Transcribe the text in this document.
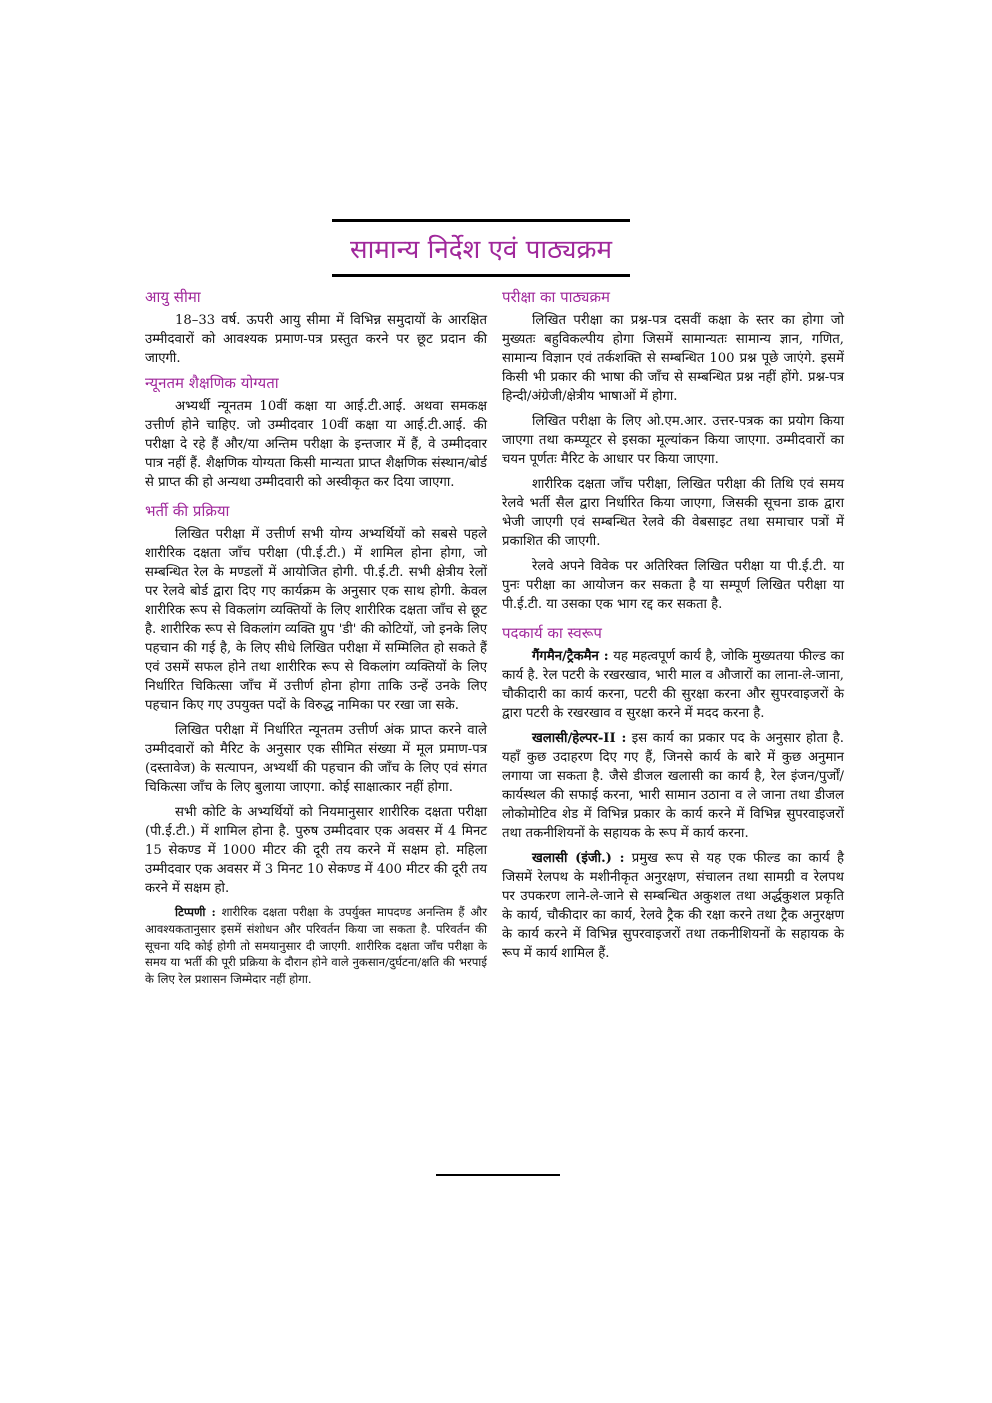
सामान्य निर्देश एवं पाठ्यक्रम
आयु सीमा

18–33 वर्ष. ऊपरी आयु सीमा में विभिन्न समुदायों के आरक्षित उम्मीदवारों को आवश्यक प्रमाण-पत्र प्रस्तुत करने पर छूट प्रदान की जाएगी.

न्यूनतम शैक्षणिक योग्यता

अभ्यर्थी न्यूनतम 10वीं कक्षा या आई.टी.आई. अथवा समकक्ष उत्तीर्ण होने चाहिए. जो उम्मीदवार 10वीं कक्षा या आई.टी.आई. की परीक्षा दे रहे हैं और/या अन्तिम परीक्षा के इन्तजार में हैं, वे उम्मीदवार पात्र नहीं हैं. शैक्षणिक योग्यता किसी मान्यता प्राप्त शैक्षणिक संस्थान/बोर्ड से प्राप्त की हो अन्यथा उम्मीदवारी को अस्वीकृत कर दिया जाएगा.

भर्ती की प्रक्रिया

लिखित परीक्षा में उत्तीर्ण सभी योग्य अभ्यर्थियों को सबसे पहले शारीरिक दक्षता जाँच परीक्षा (पी.ई.टी.) में शामिल होना होगा, जो सम्बन्धित रेल के मण्डलों में आयोजित होगी. पी.ई.टी. सभी क्षेत्रीय रेलों पर रेलवे बोर्ड द्वारा दिए गए कार्यक्रम के अनुसार एक साथ होगी. केवल शारीरिक रूप से विकलांग व्यक्तियों के लिए शारीरिक दक्षता जाँच से छूट है. शारीरिक रूप से विकलांग व्यक्ति ग्रुप 'डी' की कोटियों, जो इनके लिए पहचान की गई है, के लिए सीधे लिखित परीक्षा में सम्मिलित हो सकते हैं एवं उसमें सफल होने तथा शारीरिक रूप से विकलांग व्यक्तियों के लिए निर्धारित चिकित्सा जाँच में उत्तीर्ण होना होगा ताकि उन्हें उनके लिए पहचान किए गए उपयुक्त पदों के विरुद्ध नामिका पर रखा जा सके.

लिखित परीक्षा में निर्धारित न्यूनतम उत्तीर्ण अंक प्राप्त करने वाले उम्मीदवारों को मैरिट के अनुसार एक सीमित संख्या में मूल प्रमाण-पत्र (दस्तावेज) के सत्यापन, अभ्यर्थी की पहचान की जाँच के लिए एवं संगत चिकित्सा जाँच के लिए बुलाया जाएगा. कोई साक्षात्कार नहीं होगा.

सभी कोटि के अभ्यर्थियों को नियमानुसार शारीरिक दक्षता परीक्षा (पी.ई.टी.) में शामिल होना है. पुरुष उम्मीदवार एक अवसर में 4 मिनट 15 सेकण्ड में 1000 मीटर की दूरी तय करने में सक्षम हो. महिला उम्मीदवार एक अवसर में 3 मिनट 10 सेकण्ड में 400 मीटर की दूरी तय करने में सक्षम हो.

टिप्पणी : शारीरिक दक्षता परीक्षा के उपर्युक्त मापदण्ड अनन्तिम हैं और आवश्यकतानुसार इसमें संशोधन और परिवर्तन किया जा सकता है. परिवर्तन की सूचना यदि कोई होगी तो समयानुसार दी जाएगी. शारीरिक दक्षता जाँच परीक्षा के समय या भर्ती की पूरी प्रक्रिया के दौरान होने वाले नुकसान/दुर्घटना/क्षति की भरपाई के लिए रेल प्रशासन जिम्मेदार नहीं होगा.

परीक्षा का पाठ्यक्रम

लिखित परीक्षा का प्रश्न-पत्र दसवीं कक्षा के स्तर का होगा जो मुख्यतः बहुविकल्पीय होगा जिसमें सामान्यतः सामान्य ज्ञान, गणित, सामान्य विज्ञान एवं तर्कशक्ति से सम्बन्धित 100 प्रश्न पूछे जाएंगे. इसमें किसी भी प्रकार की भाषा की जाँच से सम्बन्धित प्रश्न नहीं होंगे. प्रश्न-पत्र हिन्दी/अंग्रेजी/क्षेत्रीय भाषाओं में होगा.

लिखित परीक्षा के लिए ओ.एम.आर. उत्तर-पत्रक का प्रयोग किया जाएगा तथा कम्प्यूटर से इसका मूल्यांकन किया जाएगा. उम्मीदवारों का चयन पूर्णतः मैरिट के आधार पर किया जाएगा.

शारीरिक दक्षता जाँच परीक्षा, लिखित परीक्षा की तिथि एवं समय रेलवे भर्ती सैल द्वारा निर्धारित किया जाएगा, जिसकी सूचना डाक द्वारा भेजी जाएगी एवं सम्बन्धित रेलवे की वेबसाइट तथा समाचार पत्रों में प्रकाशित की जाएगी.

रेलवे अपने विवेक पर अतिरिक्त लिखित परीक्षा या पी.ई.टी. या पुनः परीक्षा का आयोजन कर सकता है या सम्पूर्ण लिखित परीक्षा या पी.ई.टी. या उसका एक भाग रद्द कर सकता है.

पदकार्य का स्वरूप

गैंगमैन/ट्रैकमैन : यह महत्वपूर्ण कार्य है, जोकि मुख्यतया फील्ड का कार्य है. रेल पटरी के रखरखाव, भारी माल व औजारों का लाना-ले-जाना, चौकीदारी का कार्य करना, पटरी की सुरक्षा करना और सुपरवाइजरों के द्वारा पटरी के रखरखाव व सुरक्षा करने में मदद करना है.

खलासी/हेल्पर-II : इस कार्य का प्रकार पद के अनुसार होता है. यहाँ कुछ उदाहरण दिए गए हैं, जिनसे कार्य के बारे में कुछ अनुमान लगाया जा सकता है. जैसे डीजल खलासी का कार्य है, रेल इंजन/पुर्जों/कार्यस्थल की सफाई करना, भारी सामान उठाना व ले जाना तथा डीजल लोकोमोटिव शेड में विभिन्न प्रकार के कार्य करने में विभिन्न सुपरवाइजरों तथा तकनीशियनों के सहायक के रूप में कार्य करना.

खलासी (इंजी.) : प्रमुख रूप से यह एक फील्ड का कार्य है जिसमें रेलपथ के मशीनीकृत अनुरक्षण, संचालन तथा सामग्री व रेलपथ पर उपकरण लाने-ले-जाने से सम्बन्धित अकुशल तथा अर्द्धकुशल प्रकृति के कार्य, चौकीदार का कार्य, रेलवे ट्रैक की रक्षा करने तथा ट्रैक अनुरक्षण के कार्य करने में विभिन्न सुपरवाइजरों तथा तकनीशियनों के सहायक के रूप में कार्य शामिल हैं.
